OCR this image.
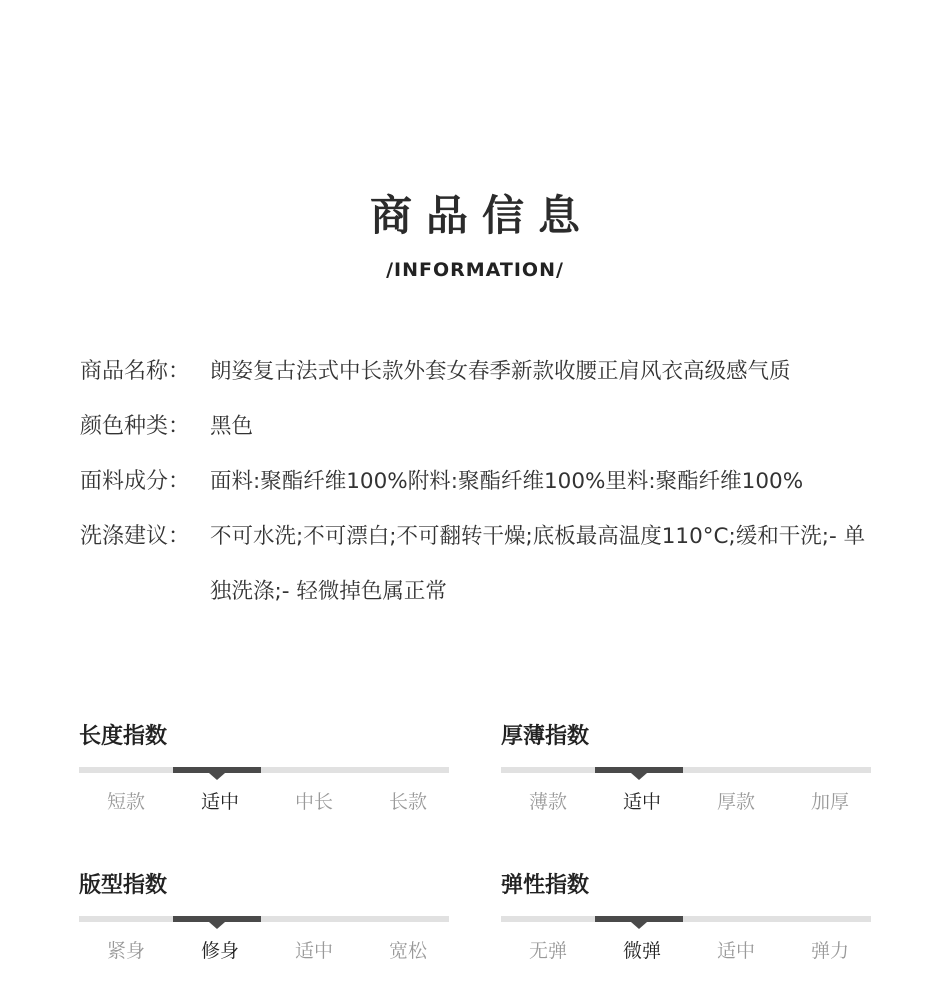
商品信息
/INFORMATION/
商品名称： 朗姿复古法式中长款外套女春季新款收腰正肩风衣高级感气质
颜色种类： 黑色
面料成分： 面料:聚酯纤维100%附料:聚酯纤维100%里料:聚酯纤维100%
洗涤建议： 不可水洗;不可漂白;不可翻转干燥;底板最高温度110°C;缓和干洗;- 单独洗涤;- 轻微掉色属正常
长度指数
短款	适中	中长	长款
厚薄指数
薄款	适中	厚款	加厚
版型指数
紧身	修身	适中	宽松
弹性指数
无弹	微弹	适中	弹力
